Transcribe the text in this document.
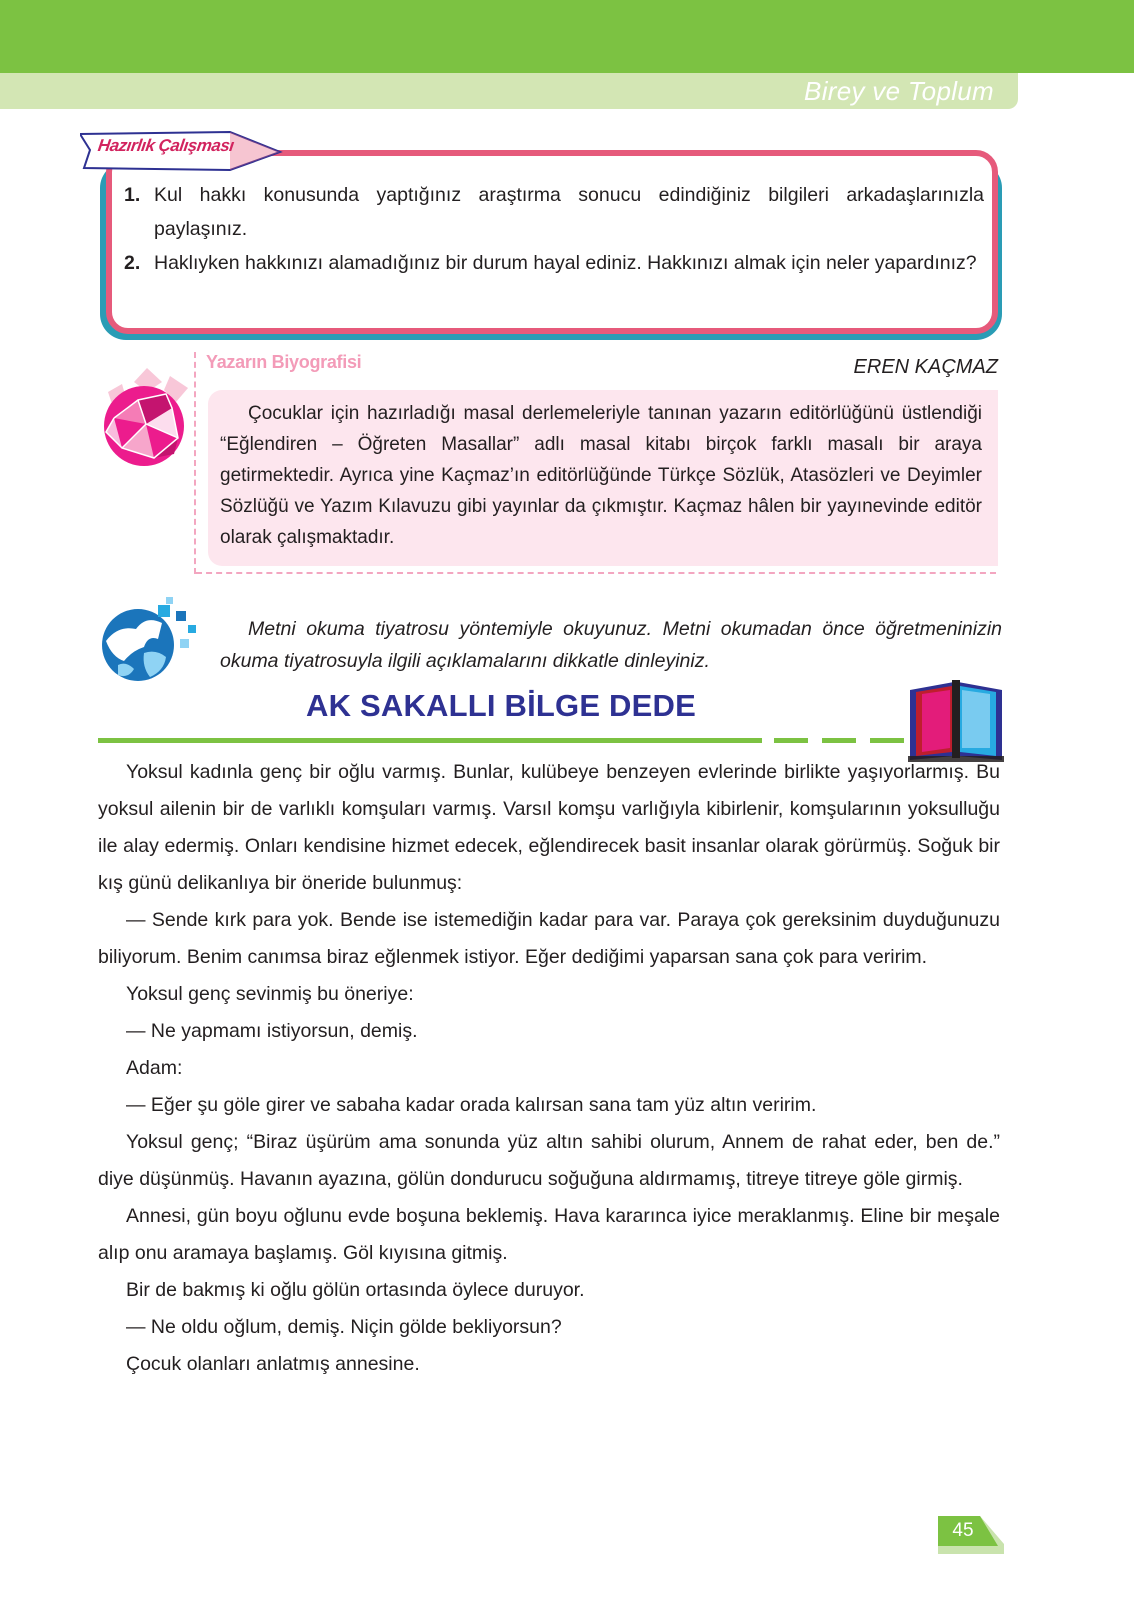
Birey ve Toplum
Hazırlık Çalışması
1. Kul hakkı konusunda yaptığınız araştırma sonucu edindiğiniz bilgileri arkadaşlarınızla paylaşınız.
2. Haklıyken hakkınızı alamadığınız bir durum hayal ediniz. Hakkınızı almak için neler yapardınız?
Yazarın Biyografisi	EREN KAÇMAZ

Çocuklar için hazırladığı masal derlemeleriyle tanınan yazarın editörlüğünü üstlendiği “Eğlendiren – Öğreten Masallar” adlı masal kitabı birçok farklı masalı bir araya getirmektedir. Ayrıca yine Kaçmaz’ın editörlüğünde Türkçe Sözlük, Atasözleri ve Deyimler Sözlüğü ve Yazım Kılavuzu gibi yayınlar da çıkmıştır. Kaçmaz hâlen bir yayınevinde editör olarak çalışmaktadır.

Metni okuma tiyatrosu yöntemiyle okuyunuz. Metni okumadan önce öğretmeninizin okuma tiyatrosuyla ilgili açıklamalarını dikkatle dinleyiniz.

AK SAKALLI BİLGE DEDE

Yoksul kadınla genç bir oğlu varmış. Bunlar, kulübeye benzeyen evlerinde birlikte yaşıyorlarmış. Bu yoksul ailenin bir de varlıklı komşuları varmış. Varsıl komşu varlığıyla kibirlenir, komşularının yoksulluğu ile alay edermiş. Onları kendisine hizmet edecek, eğlendirecek basit insanlar olarak görürmüş. Soğuk bir kış günü delikanlıya bir öneride bulunmuş:

— Sende kırk para yok. Bende ise istemediğin kadar para var. Paraya çok gereksinim duyduğunuzu biliyorum. Benim canımsa biraz eğlenmek istiyor. Eğer dediğimi yaparsan sana çok para veririm.

Yoksul genç sevinmiş bu öneriye:

— Ne yapmamı istiyorsun, demiş.

Adam:

— Eğer şu göle girer ve sabaha kadar orada kalırsan sana tam yüz altın veririm.

Yoksul genç; “Biraz üşürüm ama sonunda yüz altın sahibi olurum, Annem de rahat eder, ben de.” diye düşünmüş. Havanın ayazına, gölün dondurucu soğuğuna aldırmamış, titreye titreye göle girmiş.

Annesi, gün boyu oğlunu evde boşuna beklemiş. Hava kararınca iyice meraklanmış. Eline bir meşale alıp onu aramaya başlamış. Göl kıyısına gitmiş.

Bir de bakmış ki oğlu gölün ortasında öylece duruyor.

— Ne oldu oğlum, demiş. Niçin gölde bekliyorsun?

Çocuk olanları anlatmış annesine.

45
